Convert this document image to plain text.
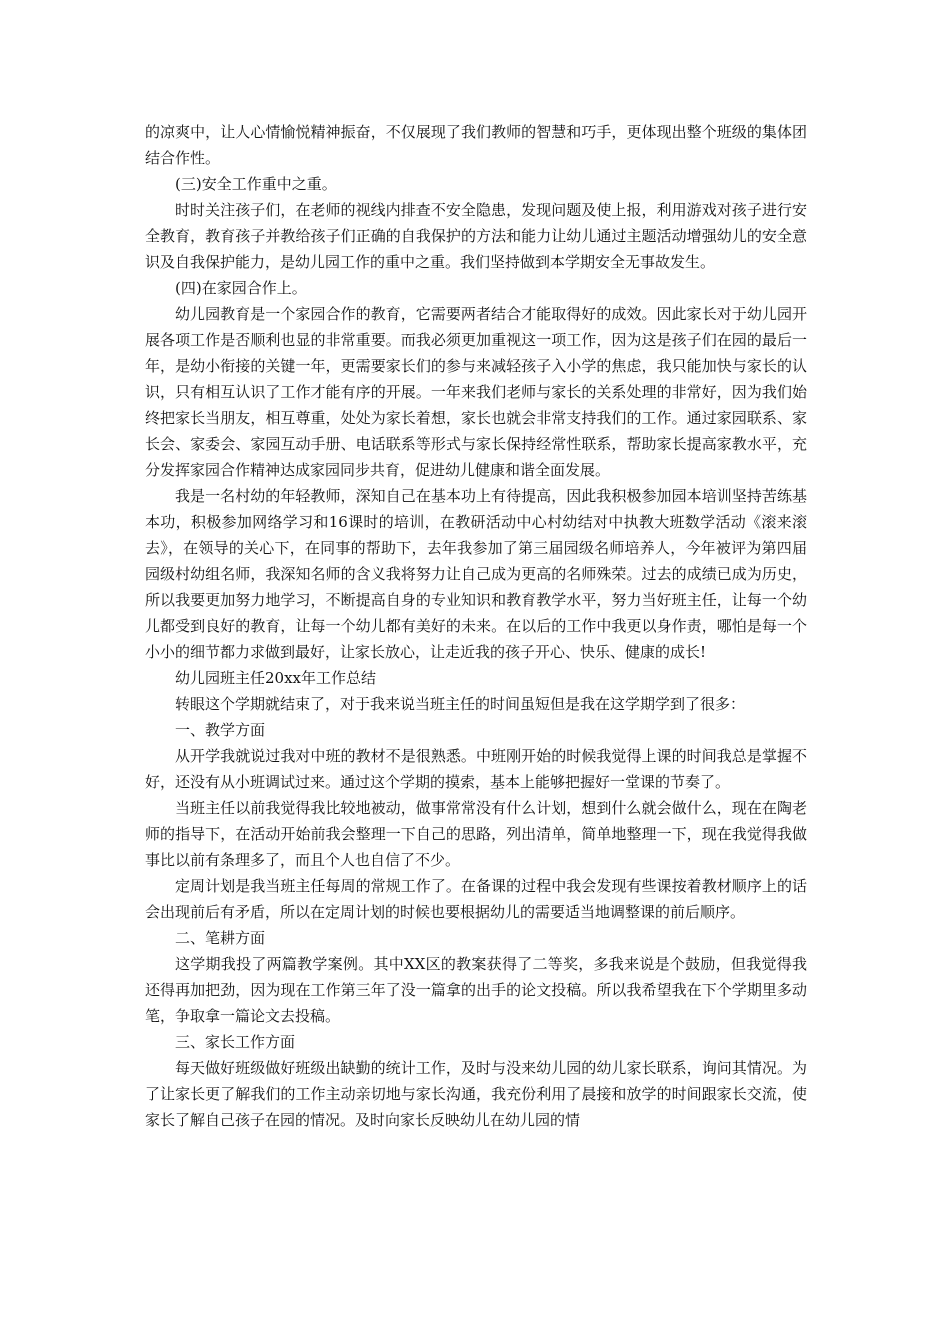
的凉爽中，让人心情愉悦精神振奋，不仅展现了我们教师的智慧和巧手，更体现出整个班级的集体团结合作性。

(三)安全工作重中之重。

时时关注孩子们，在老师的视线内排查不安全隐患，发现问题及使上报，利用游戏对孩子进行安全教育，教育孩子并教给孩子们正确的自我保护的方法和能力让幼儿通过主题活动增强幼儿的安全意识及自我保护能力，是幼儿园工作的重中之重。我们坚持做到本学期安全无事故发生。

(四)在家园合作上。

幼儿园教育是一个家园合作的教育，它需要两者结合才能取得好的成效。因此家长对于幼儿园开展各项工作是否顺利也显的非常重要。而我必须更加重视这一项工作，因为这是孩子们在园的最后一年，是幼小衔接的关键一年，更需要家长们的参与来减轻孩子入小学的焦虑，我只能加快与家长的认识，只有相互认识了工作才能有序的开展。一年来我们老师与家长的关系处理的非常好，因为我们始终把家长当朋友，相互尊重，处处为家长着想，家长也就会非常支持我们的工作。通过家园联系、家长会、家委会、家园互动手册、电话联系等形式与家长保持经常性联系，帮助家长提高家教水平，充分发挥家园合作精神达成家园同步共育，促进幼儿健康和谐全面发展。

我是一名村幼的年轻教师，深知自己在基本功上有待提高，因此我积极参加园本培训坚持苦练基本功，积极参加网络学习和16课时的培训，在教研活动中心村幼结对中执教大班数学活动《滚来滚去》，在领导的关心下，在同事的帮助下，去年我参加了第三届园级名师培养人，今年被评为第四届园级村幼组名师，我深知名师的含义我将努力让自己成为更高的名师殊荣。过去的成绩已成为历史，所以我要更加努力地学习，不断提高自身的专业知识和教育教学水平，努力当好班主任，让每一个幼儿都受到良好的教育，让每一个幼儿都有美好的未来。在以后的工作中我更以身作责，哪怕是每一个小小的细节都力求做到最好，让家长放心，让走近我的孩子开心、快乐、健康的成长!

幼儿园班主任20xx年工作总结

转眼这个学期就结束了，对于我来说当班主任的时间虽短但是我在这学期学到了很多：

一、教学方面

从开学我就说过我对中班的教材不是很熟悉。中班刚开始的时候我觉得上课的时间我总是掌握不好，还没有从小班调试过来。通过这个学期的摸索，基本上能够把握好一堂课的节奏了。

当班主任以前我觉得我比较地被动，做事常常没有什么计划，想到什么就会做什么，现在在陶老师的指导下，在活动开始前我会整理一下自己的思路，列出清单，简单地整理一下，现在我觉得我做事比以前有条理多了，而且个人也自信了不少。

定周计划是我当班主任每周的常规工作了。在备课的过程中我会发现有些课按着教材顺序上的话会出现前后有矛盾，所以在定周计划的时候也要根据幼儿的需要适当地调整课的前后顺序。

二、笔耕方面

这学期我投了两篇教学案例。其中XX区的教案获得了二等奖，多我来说是个鼓励，但我觉得我还得再加把劲，因为现在工作第三年了没一篇拿的出手的论文投稿。所以我希望我在下个学期里多动笔，争取拿一篇论文去投稿。

三、家长工作方面

每天做好班级做好班级出缺勤的统计工作，及时与没来幼儿园的幼儿家长联系，询问其情况。为了让家长更了解我们的工作主动亲切地与家长沟通，我充份利用了晨接和放学的时间跟家长交流，使家长了解自己孩子在园的情况。及时向家长反映幼儿在幼儿园的情
